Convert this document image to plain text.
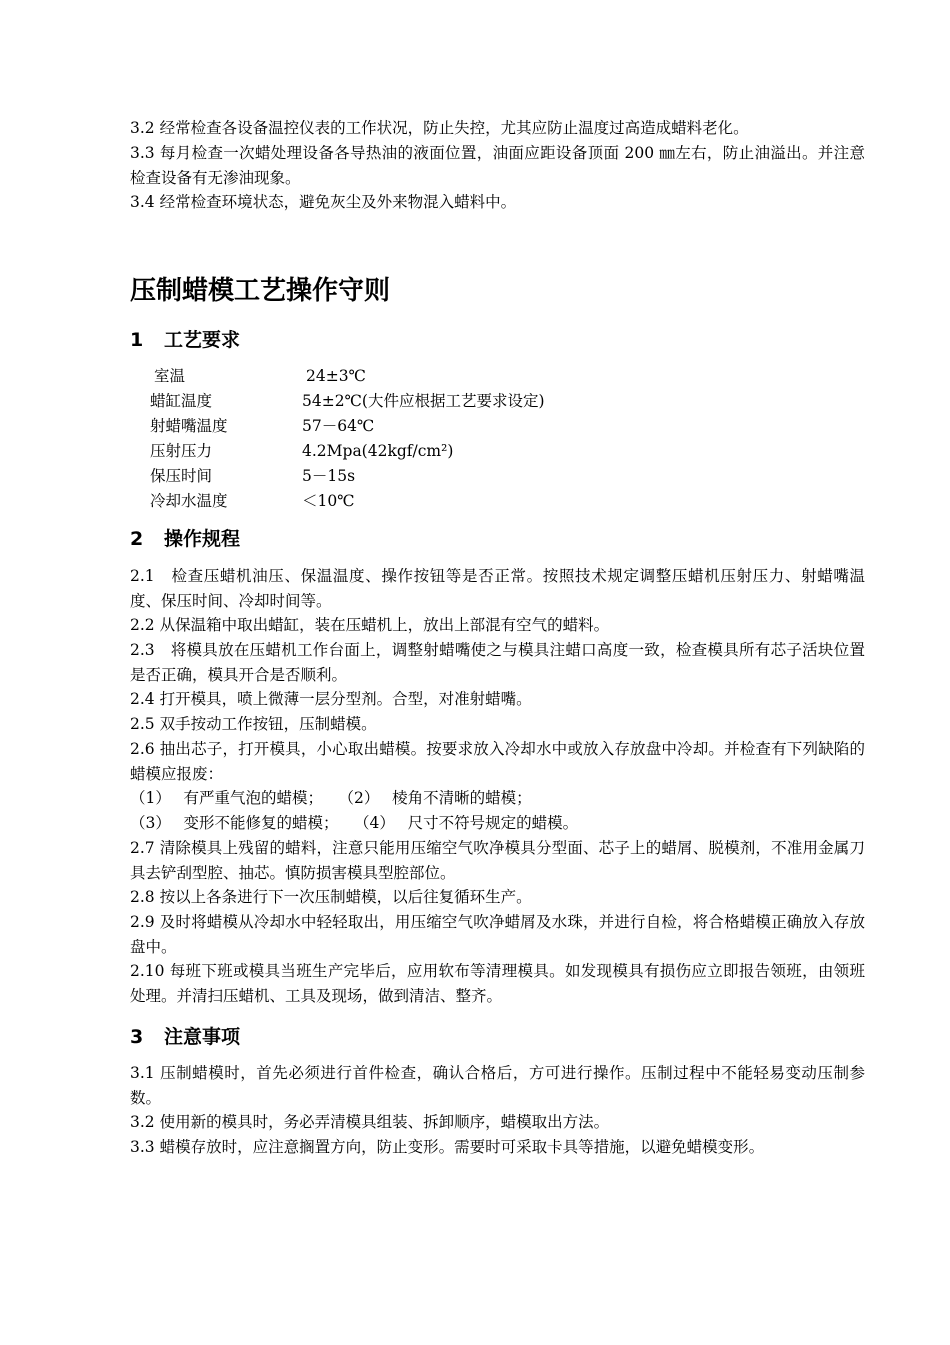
3.2 经常检查各设备温控仪表的工作状况，防止失控，尤其应防止温度过高造成蜡料老化。

3.3 每月检查一次蜡处理设备各导热油的液面位置，油面应距设备顶面 200 ㎜左右，防止油溢出。并注意检查设备有无渗油现象。

3.4 经常检查环境状态，避免灰尘及外来物混入蜡料中。

压制蜡模工艺操作守则
1 工艺要求
室温	24±3℃
蜡缸温度	54±2℃(大件应根据工艺要求设定)
射蜡嘴温度	57－64℃
压射压力	4.2Mpa(42kgf/cm²)
保压时间	5－15s
冷却水温度	＜10℃
2 操作规程

2.1　检查压蜡机油压、保温温度、操作按钮等是否正常。按照技术规定调整压蜡机压射压力、射蜡嘴温度、保压时间、冷却时间等。

2.2 从保温箱中取出蜡缸，装在压蜡机上，放出上部混有空气的蜡料。

2.3　将模具放在压蜡机工作台面上，调整射蜡嘴使之与模具注蜡口高度一致，检查模具所有芯子活块位置是否正确，模具开合是否顺利。

2.4 打开模具，喷上微薄一层分型剂。合型，对准射蜡嘴。

2.5 双手按动工作按钮，压制蜡模。

2.6 抽出芯子，打开模具，小心取出蜡模。按要求放入冷却水中或放入存放盘中冷却。并检查有下列缺陷的蜡模应报废：

（1）　 有严重气泡的蜡模；　　（2）　 棱角不清晰的蜡模；
（3）　 变形不能修复的蜡模；　　（4）　 尺寸不符号规定的蜡模。

2.7 清除模具上残留的蜡料，注意只能用压缩空气吹净模具分型面、芯子上的蜡屑、脱模剂，不准用金属刀具去铲刮型腔、抽芯。慎防损害模具型腔部位。

2.8 按以上各条进行下一次压制蜡模，以后往复循环生产。

2.9 及时将蜡模从冷却水中轻轻取出，用压缩空气吹净蜡屑及水珠，并进行自检，将合格蜡模正确放入存放盘中。

2.10 每班下班或模具当班生产完毕后，应用软布等清理模具。如发现模具有损伤应立即报告领班，由领班处理。并清扫压蜡机、工具及现场，做到清洁、整齐。

3 注意事项

3.1 压制蜡模时，首先必须进行首件检查，确认合格后，方可进行操作。压制过程中不能轻易变动压制参数。

3.2 使用新的模具时，务必弄清模具组装、拆卸顺序，蜡模取出方法。

3.3 蜡模存放时，应注意搁置方向，防止变形。需要时可采取卡具等措施，以避免蜡模变形。
